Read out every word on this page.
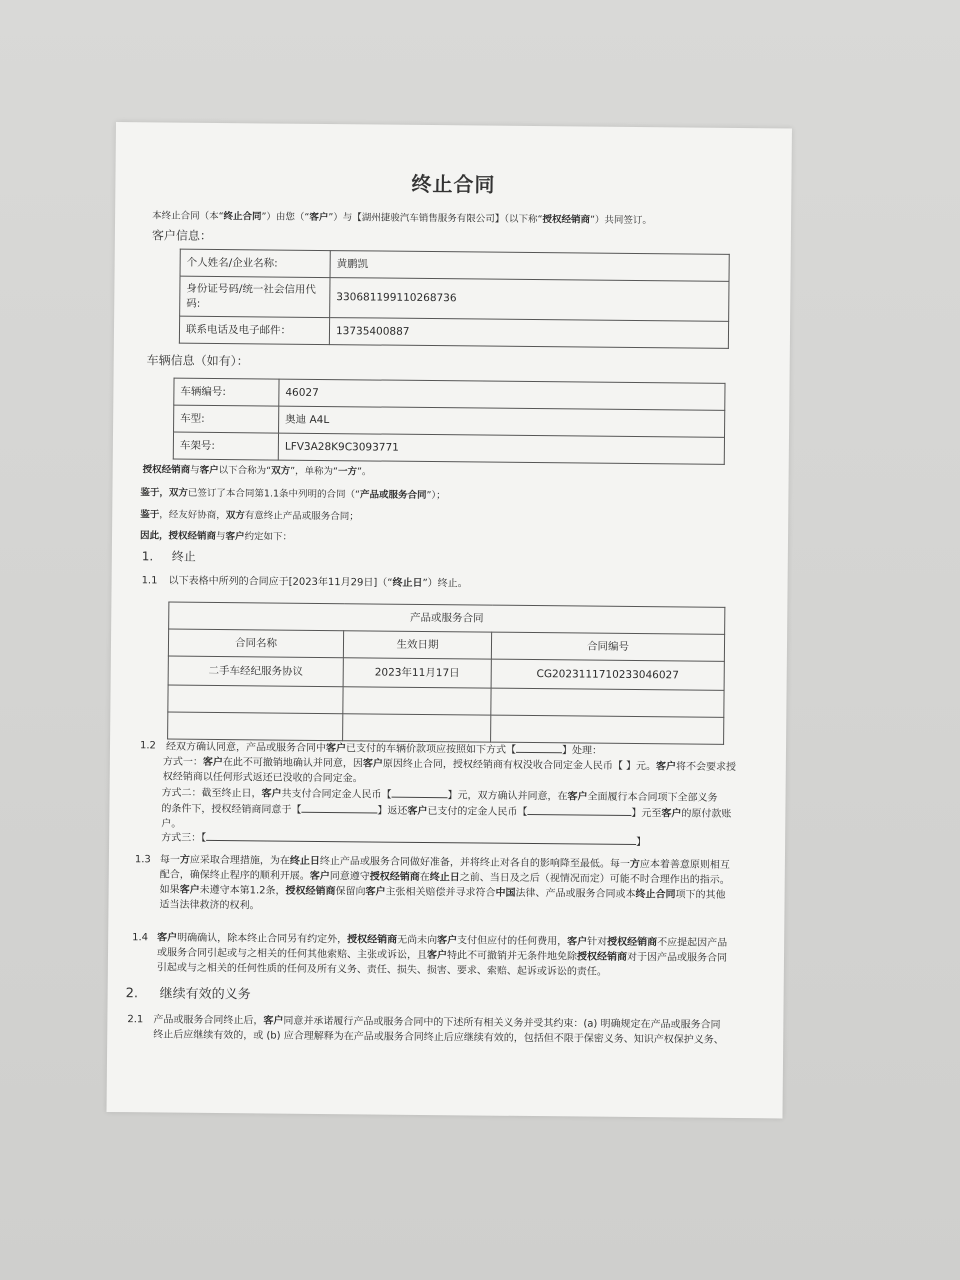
终止合同
本终止合同（本“终止合同”）由您（“客户”）与【湖州捷骏汽车销售服务有限公司】（以下称“授权经销商”）共同签订。
客户信息：
个人姓名/企业名称:	黄鹏凯
身份证号码/统一社会信用代码:	330681199110268736
联系电话及电子邮件：	13735400887
车辆信息（如有）：
车辆编号:	46027
车型:	奥迪 A4L
车架号:	LFV3A28K9C3093771
授权经销商与客户以下合称为“双方”，单称为“一方”。
鉴于，双方已签订了本合同第1.1条中列明的合同（“产品或服务合同”）；
鉴于，经友好协商，双方有意终止产品或服务合同；
因此，授权经销商与客户约定如下：
1. 终止
1.1 以下表格中所列的合同应于[2023年11月29日]（“终止日”）终止。
产品或服务合同		
合同名称	生效日期	合同编号
二手车经纪服务协议	2023年11月17日	CG2023111710233046027

1.2 经双方确认同意，产品或服务合同中客户已支付的车辆价款项应按照如下方式【	】处理：
方式一：客户在此不可撤销地确认并同意，因客户原因终止合同，授权经销商有权没收合同定金人民币【 】元。客户将不会要求授
权经销商以任何形式返还已没收的合同定金。
方式二：截至终止日，客户共支付合同定金人民币【	】元，双方确认并同意，在客户全面履行本合同项下全部义务
的条件下，授权经销商同意于【	】返还客户已支付的定金人民币【	】元至客户的原付款账
户。
方式三：【	】
1.3 每一方应采取合理措施，为在终止日终止产品或服务合同做好准备，并将终止对各自的影响降至最低。每一方应本着善意原则相互
配合，确保终止程序的顺利开展。客户同意遵守授权经销商在终止日之前、当日及之后（视情况而定）可能不时合理作出的指示。
如果客户未遵守本第1.2条，授权经销商保留向客户主张相关赔偿并寻求符合中国法律、产品或服务合同或本终止合同项下的其他
适当法律救济的权利。
1.4 客户明确确认，除本终止合同另有约定外，授权经销商无尚未向客户支付但应付的任何费用，客户针对授权经销商不应提起因产品
或服务合同引起或与之相关的任何其他索赔、主张或诉讼，且客户特此不可撤销并无条件地免除授权经销商对于因产品或服务合同
引起或与之相关的任何性质的任何及所有义务、责任、损失、损害、要求、索赔、起诉或诉讼的责任。
2. 继续有效的义务
2.1 产品或服务合同终止后，客户同意并承诺履行产品或服务合同中的下述所有相关义务并受其约束：(a) 明确规定在产品或服务合同
终止后应继续有效的，或 (b) 应合理解释为在产品或服务合同终止后应继续有效的，包括但不限于保密义务、知识产权保护义务、
